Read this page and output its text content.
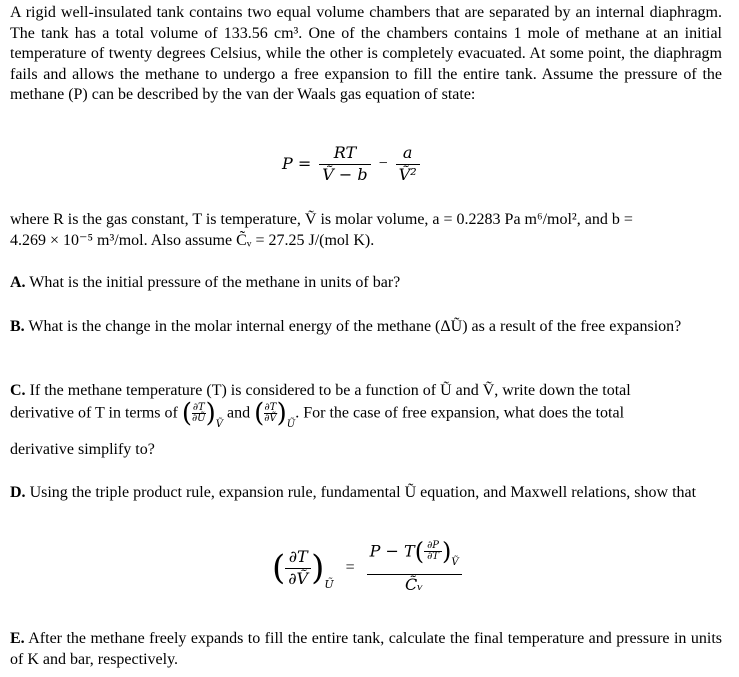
A rigid well-insulated tank contains two equal volume chambers that are separated by an internal diaphragm. The tank has a total volume of 133.56 cm³. One of the chambers contains 1 mole of methane at an initial temperature of twenty degrees Celsius, while the other is completely evacuated. At some point, the diaphragm fails and allows the methane to undergo a free expansion to fill the entire tank. Assume the pressure of the methane (P) can be described by the van der Waals gas equation of state:

$P = \frac{RT}{\text{Ṽ − b}} - \frac{a}{\text{Ṽ²}}$

where R is the gas constant, T is temperature, Ṽ is molar volume, a = 0.2283 Pa m⁶/mol², and b =

4.269 × 10⁻⁵ m³/mol. Also assume C̃ᵥ = 27.25 J/(mol K).

A. What is the initial pressure of the methane in units of bar?

B. What is the change in the molar internal energy of the methane (ΔŨ) as a result of the free expansion?

C. If the methane temperature (T) is considered to be a function of Ũ and Ṽ, write down the total

derivative of T in terms of ( $\frac{\partial T}{\partial Ũ} )_Ṽ$ and ( $\frac{\partial T}{\text{∂Ṽ}} )_Ũ$. For the case of free expansion, what does the total

derivative simplify to?

D. Using the triple product rule, expansion rule, fundamental Ũ equation, and Maxwell relations, show that

( $\frac{\partial T}{\text{∂Ṽ}} )_Ũ = \frac{P - T( \frac{\partial P}{\partial T} )_Ṽ}{\text{C̃ᵥ}}$

E. After the methane freely expands to fill the entire tank, calculate the final temperature and pressure in units of K and bar, respectively.
